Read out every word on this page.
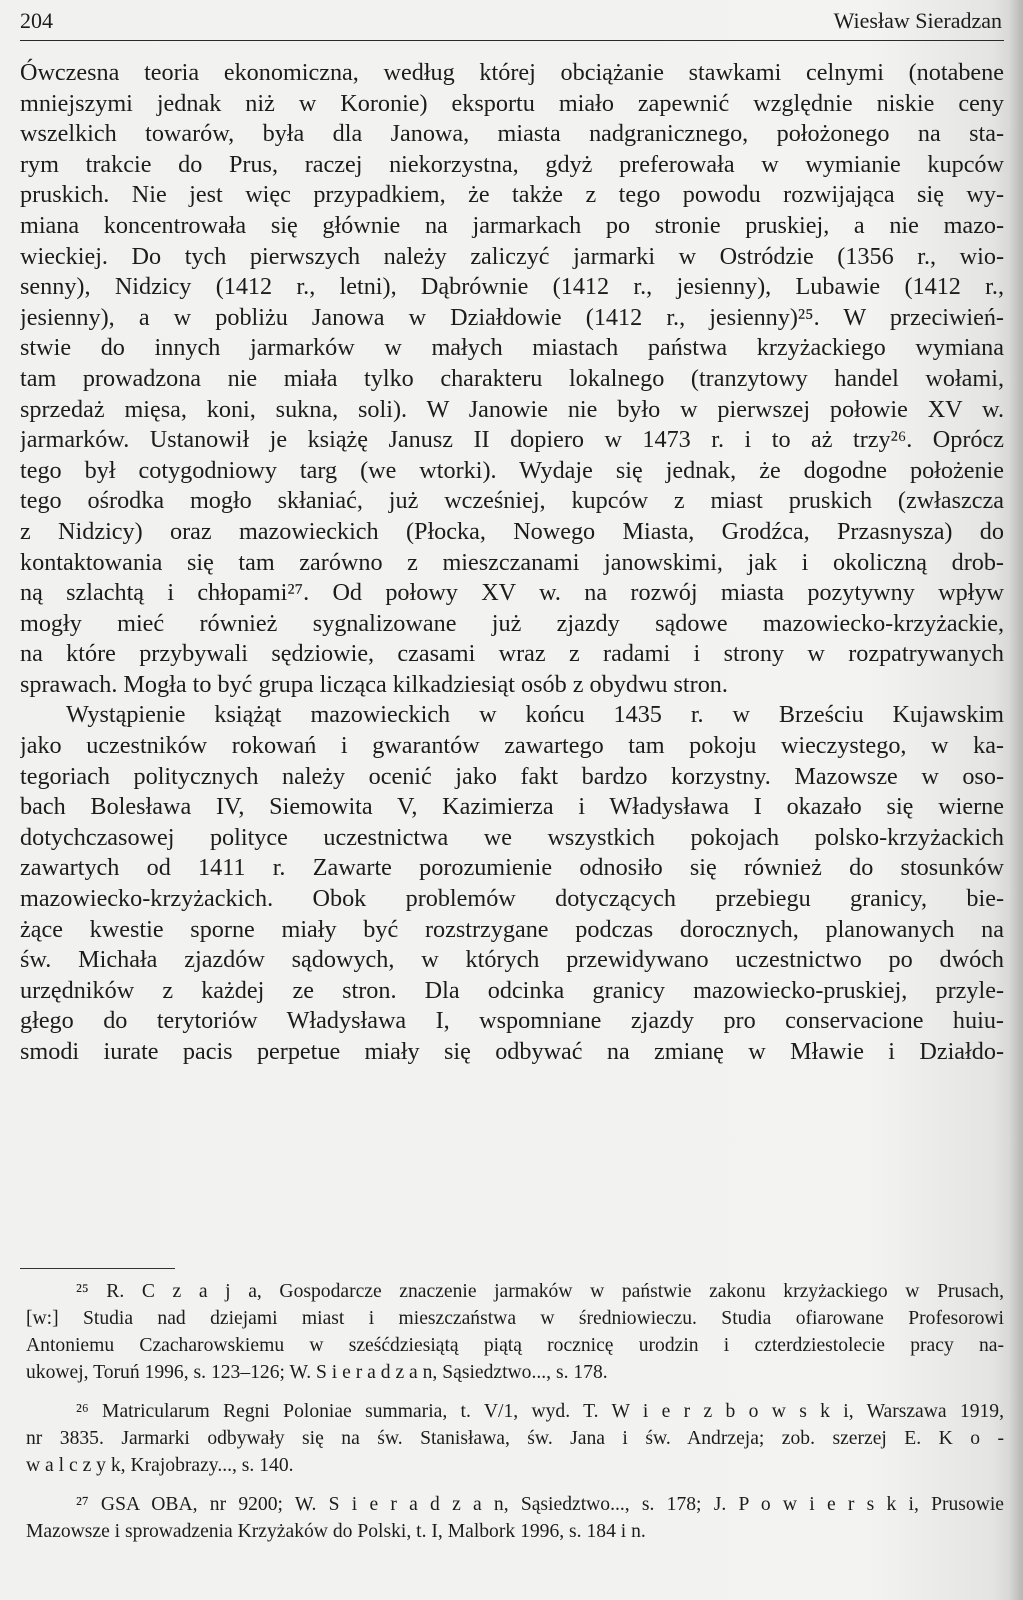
204	Wiesław Sieradzan
Ówczesna teoria ekonomiczna, według której obciążanie stawkami celnymi (notabene
mniejszymi jednak niż w Koronie) eksportu miało zapewnić względnie niskie ceny
wszelkich towarów, była dla Janowa, miasta nadgranicznego, położonego na sta-
rym trakcie do Prus, raczej niekorzystna, gdyż preferowała w wymianie kupców
pruskich. Nie jest więc przypadkiem, że także z tego powodu rozwijająca się wy-
miana koncentrowała się głównie na jarmarkach po stronie pruskiej, a nie mazo-
wieckiej. Do tych pierwszych należy zaliczyć jarmarki w Ostródzie (1356 r., wio-
senny), Nidzicy (1412 r., letni), Dąbrównie (1412 r., jesienny), Lubawie (1412 r.,
jesienny), a w pobliżu Janowa w Działdowie (1412 r., jesienny)²⁵. W przeciwień-
stwie do innych jarmarków w małych miastach państwa krzyżackiego wymiana
tam prowadzona nie miała tylko charakteru lokalnego (tranzytowy handel wołami,
sprzedaż mięsa, koni, sukna, soli). W Janowie nie było w pierwszej połowie XV w.
jarmarków. Ustanowił je książę Janusz II dopiero w 1473 r. i to aż trzy²⁶. Oprócz
tego był cotygodniowy targ (we wtorki). Wydaje się jednak, że dogodne położenie
tego ośrodka mogło skłaniać, już wcześniej, kupców z miast pruskich (zwłaszcza
z Nidzicy) oraz mazowieckich (Płocka, Nowego Miasta, Grodźca, Przasnysza) do
kontaktowania się tam zarówno z mieszczanami janowskimi, jak i okoliczną drob-
ną szlachtą i chłopami²⁷. Od połowy XV w. na rozwój miasta pozytywny wpływ
mogły mieć również sygnalizowane już zjazdy sądowe mazowiecko-krzyżackie,
na które przybywali sędziowie, czasami wraz z radami i strony w rozpatrywanych
sprawach. Mogła to być grupa licząca kilkadziesiąt osób z obydwu stron.
Wystąpienie książąt mazowieckich w końcu 1435 r. w Brześciu Kujawskim
jako uczestników rokowań i gwarantów zawartego tam pokoju wieczystego, w ka-
tegoriach politycznych należy ocenić jako fakt bardzo korzystny. Mazowsze w oso-
bach Bolesława IV, Siemowita V, Kazimierza i Władysława I okazało się wierne
dotychczasowej polityce uczestnictwa we wszystkich pokojach polsko-krzyżackich
zawartych od 1411 r. Zawarte porozumienie odnosiło się również do stosunków
mazowiecko-krzyżackich. Obok problemów dotyczących przebiegu granicy, bie-
żące kwestie sporne miały być rozstrzygane podczas dorocznych, planowanych na
św. Michała zjazdów sądowych, w których przewidywano uczestnictwo po dwóch
urzędników z każdej ze stron. Dla odcinka granicy mazowiecko-pruskiej, przyle-
głego do terytoriów Władysława I, wspomniane zjazdy pro conservacione huiu-
smodi iurate pacis perpetue miały się odbywać na zmianę w Mławie i Działdo-
²⁵ R. C z a j a, Gospodarcze znaczenie jarmaków w państwie zakonu krzyżackiego w Prusach,
[w:] Studia nad dziejami miast i mieszczaństwa w średniowieczu. Studia ofiarowane Profesorowi
Antoniemu Czacharowskiemu w sześćdziesiątą piątą rocznicę urodzin i czterdziestolecie pracy na-
ukowej, Toruń 1996, s. 123–126; W. S i e r a d z a n, Sąsiedztwo..., s. 178.
²⁶ Matricularum Regni Poloniae summaria, t. V/1, wyd. T. W i e r z b o w s k i, Warszawa 1919,
nr 3835. Jarmarki odbywały się na św. Stanisława, św. Jana i św. Andrzeja; zob. szerzej E. K o -
w a l c z y k, Krajobrazy..., s. 140.
²⁷ GSA OBA, nr 9200; W. S i e r a d z a n, Sąsiedztwo..., s. 178; J. P o w i e r s k i, Prusowie
Mazowsze i sprowadzenia Krzyżaków do Polski, t. I, Malbork 1996, s. 184 i n.
